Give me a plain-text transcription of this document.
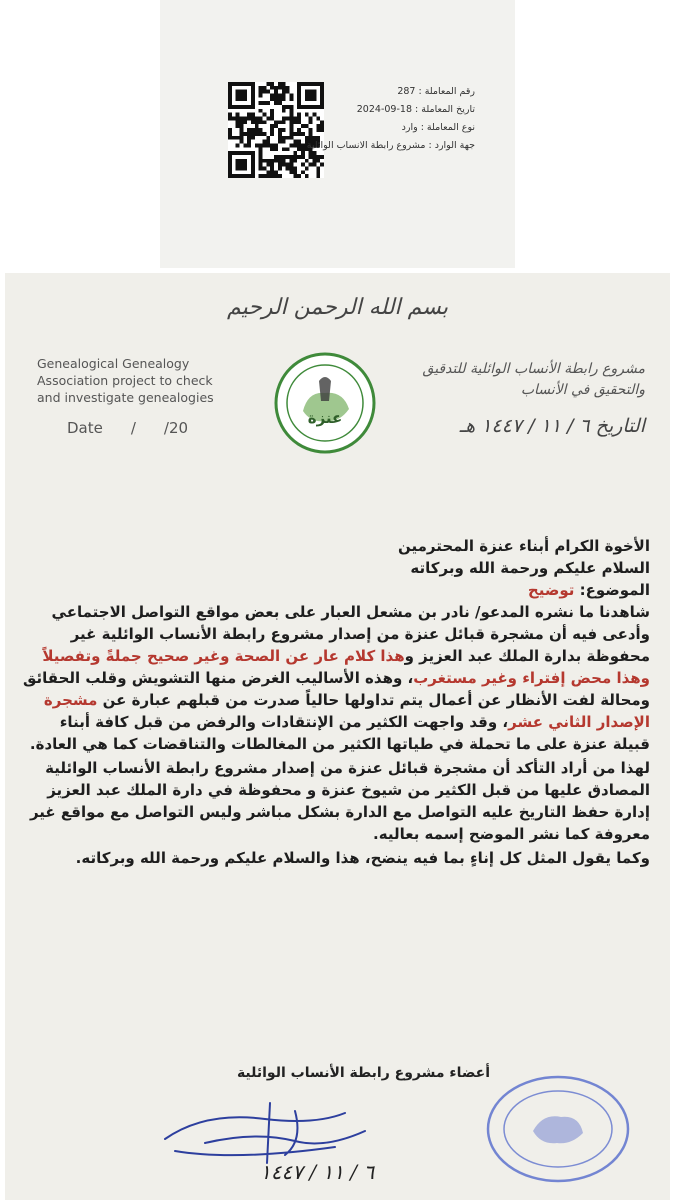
رقم المعاملة : 287
تاريخ المعاملة : 18-09-2024
نوع المعاملة : وارد
جهة الوارد : مشروع رابطة الانساب الوائلية
بسم الله الرحمن الرحيم
Genealogical Genealogy
Association project to check
and investigate genealogies
Date / /20
عنزة
مشروع رابطة الأنساب الوائلية للتدقيق
والتحقيق في الأنساب
التاريخ ٦ / ١١ / ١٤٤٧ هـ

الأخوة الكرام أبناء عنزة المحترمين

السلام عليكم ورحمة الله وبركاته

الموضوع: توضيح

شاهدنا ما نشره المدعو/ نادر بن مشعل العبار على بعض مواقع التواصل الاجتماعي وأدعى فيه أن مشجرة قبائل عنزة من إصدار مشروع رابطة الأنساب الوائلية غير محفوظة بدارة الملك عبد العزيز وهذا كلام عار عن الصحة وغير صحيح جملةً وتفصيلاً وهذا محض إفتراء وغير مستغرب، وهذه الأساليب الغرض منها التشويش وقلب الحقائق ومحالة لفت الأنظار عن أعمال يتم تداولها حالياً صدرت من قبلهم عبارة عن مشجرة الإصدار الثاني عشر، وقد واجهت الكثير من الإنتقادات والرفض من قبل كافة أبناء قبيلة عنزة على ما تحملة في طياتها الكثير من المغالطات والتناقضات كما هي العادة.

لهذا من أراد التأكد أن مشجرة قبائل عنزة من إصدار مشروع رابطة الأنساب الوائلية المصادق عليها من قبل الكثير من شيوخ عنزة و محفوظة في دارة الملك عبد العزيز إدارة حفظ التاريخ عليه التواصل مع الدارة بشكل مباشر وليس التواصل مع مواقع غير معروفة كما نشر الموضح إسمه بعاليه.

وكما يقول المثل كل إناءٍ بما فيه ينضح، هذا والسلام عليكم ورحمة الله وبركاته.

أعضاء مشروع رابطة الأنساب الوائلية
٦ / ١١ / ١٤٤٧
